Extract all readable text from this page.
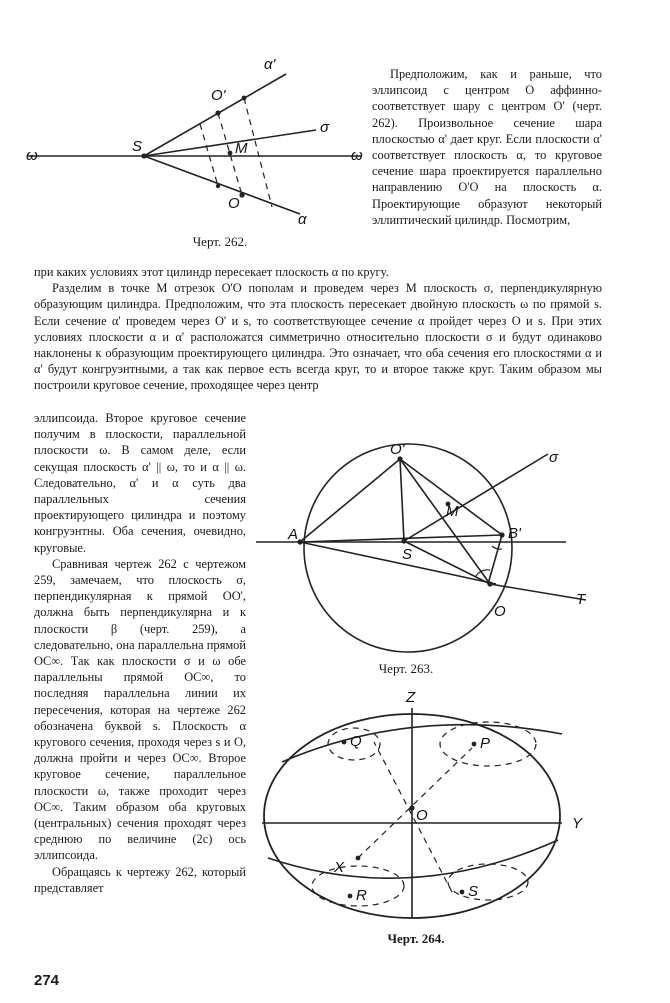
α'
α
σ
O'
S	M
O
ω	ω
Черт. 262.

Предположим, как и раньше, что эллипсоид с центром O аффинно-соответствует шару с центром O' (черт. 262). Произвольное сечение шара плоскостью α' дает круг. Если плоскости α' соответствует плоскость α, то круговое сечение шара проектируется параллельно направлению O'O на плоскость α. Проектирующие образуют некоторый эллиптический цилиндр. Посмотрим,

при каких условиях этот цилиндр пересекает плоскость α по кругу.

Разделим в точке M отрезок O'O пополам и проведем через M плоскость σ, перпендикулярную образующим цилиндра. Предположим, что эта плоскость пересекает двойную плоскость ω по прямой s. Если сечение α' проведем через O' и s, то соответствующее сечение α пройдет через O и s. При этих условиях плоскости α и α' расположатся симметрично относительно плоскости σ и будут одинаково наклонены к образующим проектирующего цилиндра. Это означает, что оба сечения его плоскостями α и α' будут конгруэнтными, а так как первое есть всегда круг, то и второе также круг. Таким образом мы построили круговое сечение, проходящее через центр

эллипсоида. Второе круговое сечение получим в плоскости, параллельной плоскости ω. В самом деле, если секущая плоскость α' || ω, то и α || ω. Следовательно, α' и α суть два параллельных сечения проектирующего цилиндра и поэтому конгруэнтны. Оба сечения, очевидно, круговые.

Сравнивая чертеж 262 с чертежом 259, замечаем, что плоскость σ, перпендикулярная к прямой OO', должна быть перпендикулярна и к плоскости β (черт. 259), а следовательно, она параллельна прямой OC∞. Так как плоскости σ и ω обе параллельны прямой OC∞, то последняя параллельна линии их пересечения, которая на чертеже 262 обозначена буквой s. Плоскость α кругового сечения, проходя через s и O, должна пройти и через OC∞. Второе круговое сечение, параллельное плоскости ω, также проходит через OC∞. Таким образом оба круговых (центральных) сечения проходят через среднюю по величине (2c) ось эллипсоида.

Обращаясь к чертежу 262, который представляет

O'	σ
M
A	B'
S
O
T
Черт. 263.
Z
Q	P
O	Y
X
R	S
Черт. 264.
274
